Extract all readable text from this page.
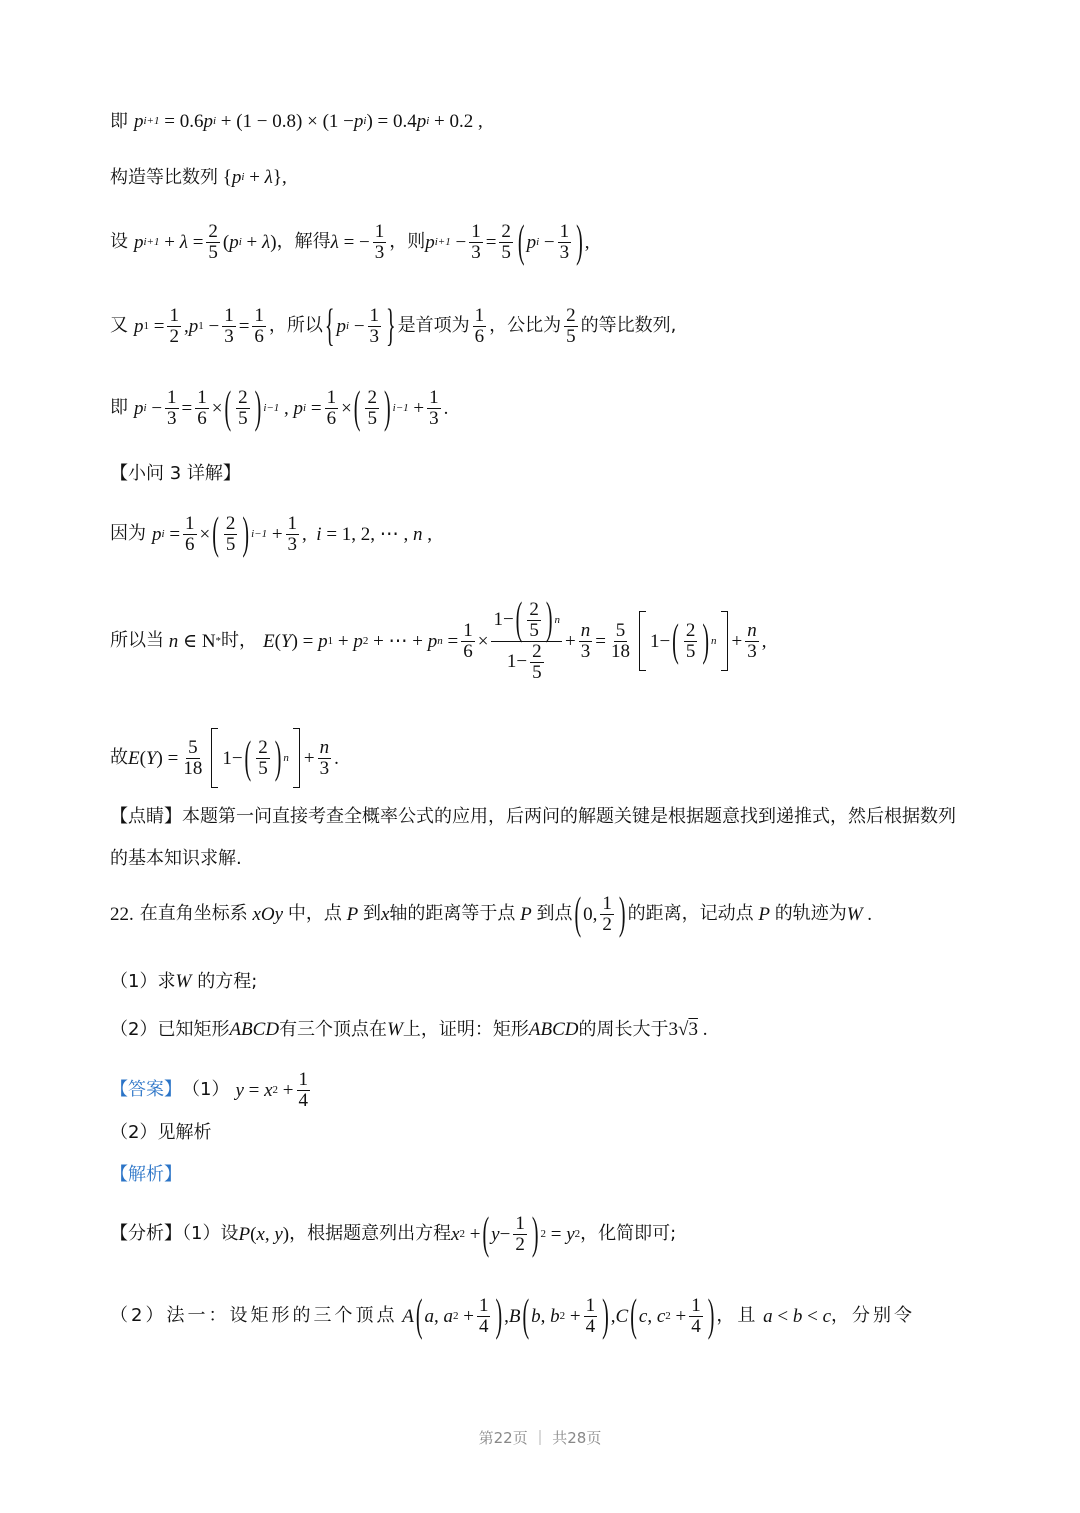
即 p i+1 = 0.6 p i + (1 − 0.8) × (1 − p i ) = 0.4 p i + 0.2 ,
构造等比数列 { p i + λ },
设 p $i+1 + \lambda = \frac{2}{5}$ ( p i + λ ) ，解得 λ = − $\frac{1}{3}$ ，则 p $i+1 - \frac{1}{3} = \frac{2}{5}$ ( p $i - \frac{1}{3}$ ) ,
又 p $1 = \frac{1}{2}$ , p $1 - \frac{1}{3} = \frac{1}{6}$ ，所以 { p $i - \frac{1}{3}$ } 是首项为 $\frac{1}{6}$ ，公比为 $\frac{2}{5}$ 的等比数列,
即 p $i - \frac{1}{3} = \frac{1}{6}$ × ( $\frac{2}{5}$ ) i−1 , p $i = \frac{1}{6}$ × ( $\frac{2}{5}$ ) $i-1 + \frac{1}{3}$ .
【小问 3 详解】
因为 p $i = \frac{1}{6}$ × ( $\frac{2}{5}$ ) $i-1 + \frac{1}{3}$ , i = 1, 2, ⋯ , n ,
所以当 n ∈ N * 时， E ( Y ) = p 1 + p 2 + ⋯ + p $n = \frac{1}{6} \times \frac{1- ( \frac{2}{5} ) n}{1- \frac{2}{5}} + \frac{n}{3} = \frac{5}{18} 1-$ ( $\frac{2}{5}$ ) $n + \frac{n}{3}$ ,
故 E ( Y ) = $\frac{5}{18} 1-$ ( $\frac{2}{5}$ ) $n + \frac{n}{3}$ .
【点睛】本题第一问直接考查全概率公式的应用，后两问的解题关键是根据题意找到递推式，然后根据数列
的基本知识求解.
22. 在直角坐标系 xOy 中，点 P 到 x 轴的距离等于点 P 到点 ( 0, $\frac{1}{2}$ ) 的距离，记动点 P 的轨迹为 W .
（1）求 W 的方程;
（2）已知矩形 ABCD 有三个顶点在 W 上，证明：矩形 ABCD 的周长大于 3√3 .
【答案】 （1） y = x $2 + \frac{1}{4}$
（2）见解析
【解析】
【分析】（1）设 P ( x , y ) ，根据题意列出方程 x 2 + ( $y - \frac{1}{2}$ ) 2 = y 2 ，化简即可;
（2）法一：设矩形的三个顶点 A ( a , a $2 + \frac{1}{4}$ ) , B ( b , b $2 + \frac{1}{4}$ ) , C ( c , c $2 + \frac{1}{4}$ ) ，且 a < b < c ，分别令
第22页 ｜ 共28页
